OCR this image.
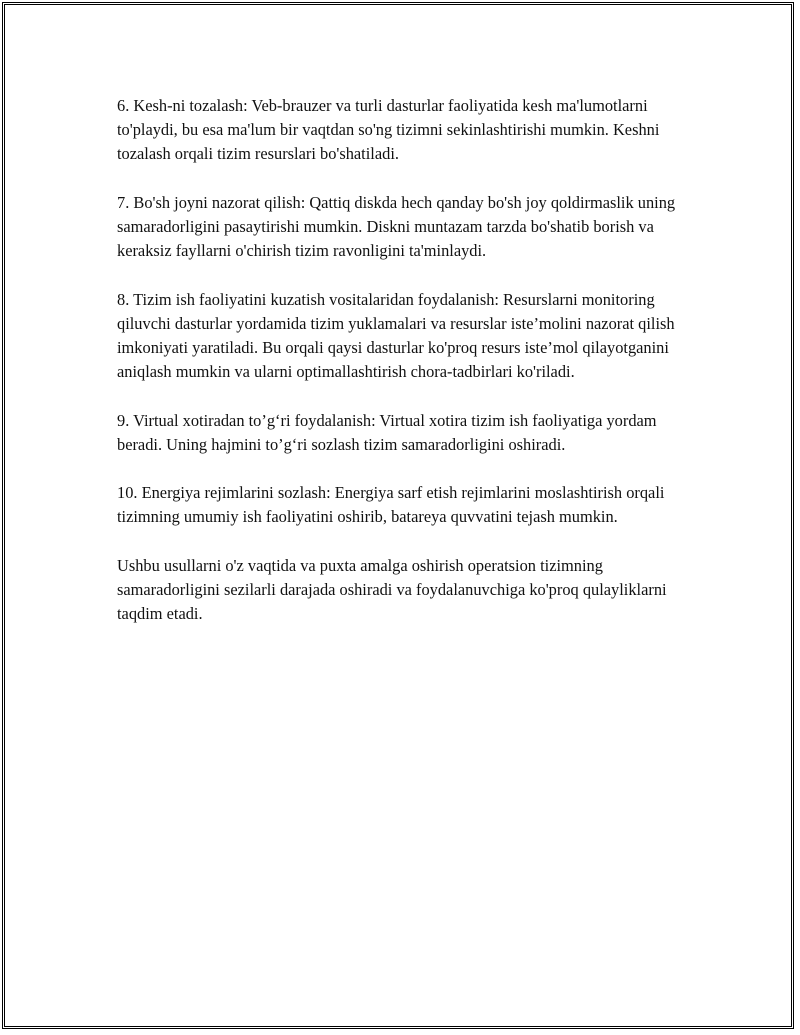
6. Kesh-ni tozalash: Veb-brauzer va turli dasturlar faoliyatida kesh ma'lumotlarni to'playdi, bu esa ma'lum bir vaqtdan so'ng tizimni sekinlashtirishi mumkin. Keshni tozalash orqali tizim resurslari bo'shatiladi.

7. Bo'sh joyni nazorat qilish: Qattiq diskda hech qanday bo'sh joy qoldirmaslik uning samaradorligini pasaytirishi mumkin. Diskni muntazam tarzda bo'shatib borish va keraksiz fayllarni o'chirish tizim ravonligini ta'minlaydi.

8. Tizim ish faoliyatini kuzatish vositalaridan foydalanish: Resurslarni monitoring qiluvchi dasturlar yordamida tizim yuklamalari va resurslar iste’molini nazorat qilish imkoniyati yaratiladi. Bu orqali qaysi dasturlar ko'proq resurs iste’mol qilayotganini aniqlash mumkin va ularni optimallashtirish chora-tadbirlari ko'riladi.

9. Virtual xotiradan to’g‘ri foydalanish: Virtual xotira tizim ish faoliyatiga yordam beradi. Uning hajmini to’g‘ri sozlash tizim samaradorligini oshiradi.

10. Energiya rejimlarini sozlash: Energiya sarf etish rejimlarini moslashtirish orqali tizimning umumiy ish faoliyatini oshirib, batareya quvvatini tejash mumkin.

Ushbu usullarni o'z vaqtida va puxta amalga oshirish operatsion tizimning samaradorligini sezilarli darajada oshiradi va foydalanuvchiga ko'proq qulayliklarni taqdim etadi.
